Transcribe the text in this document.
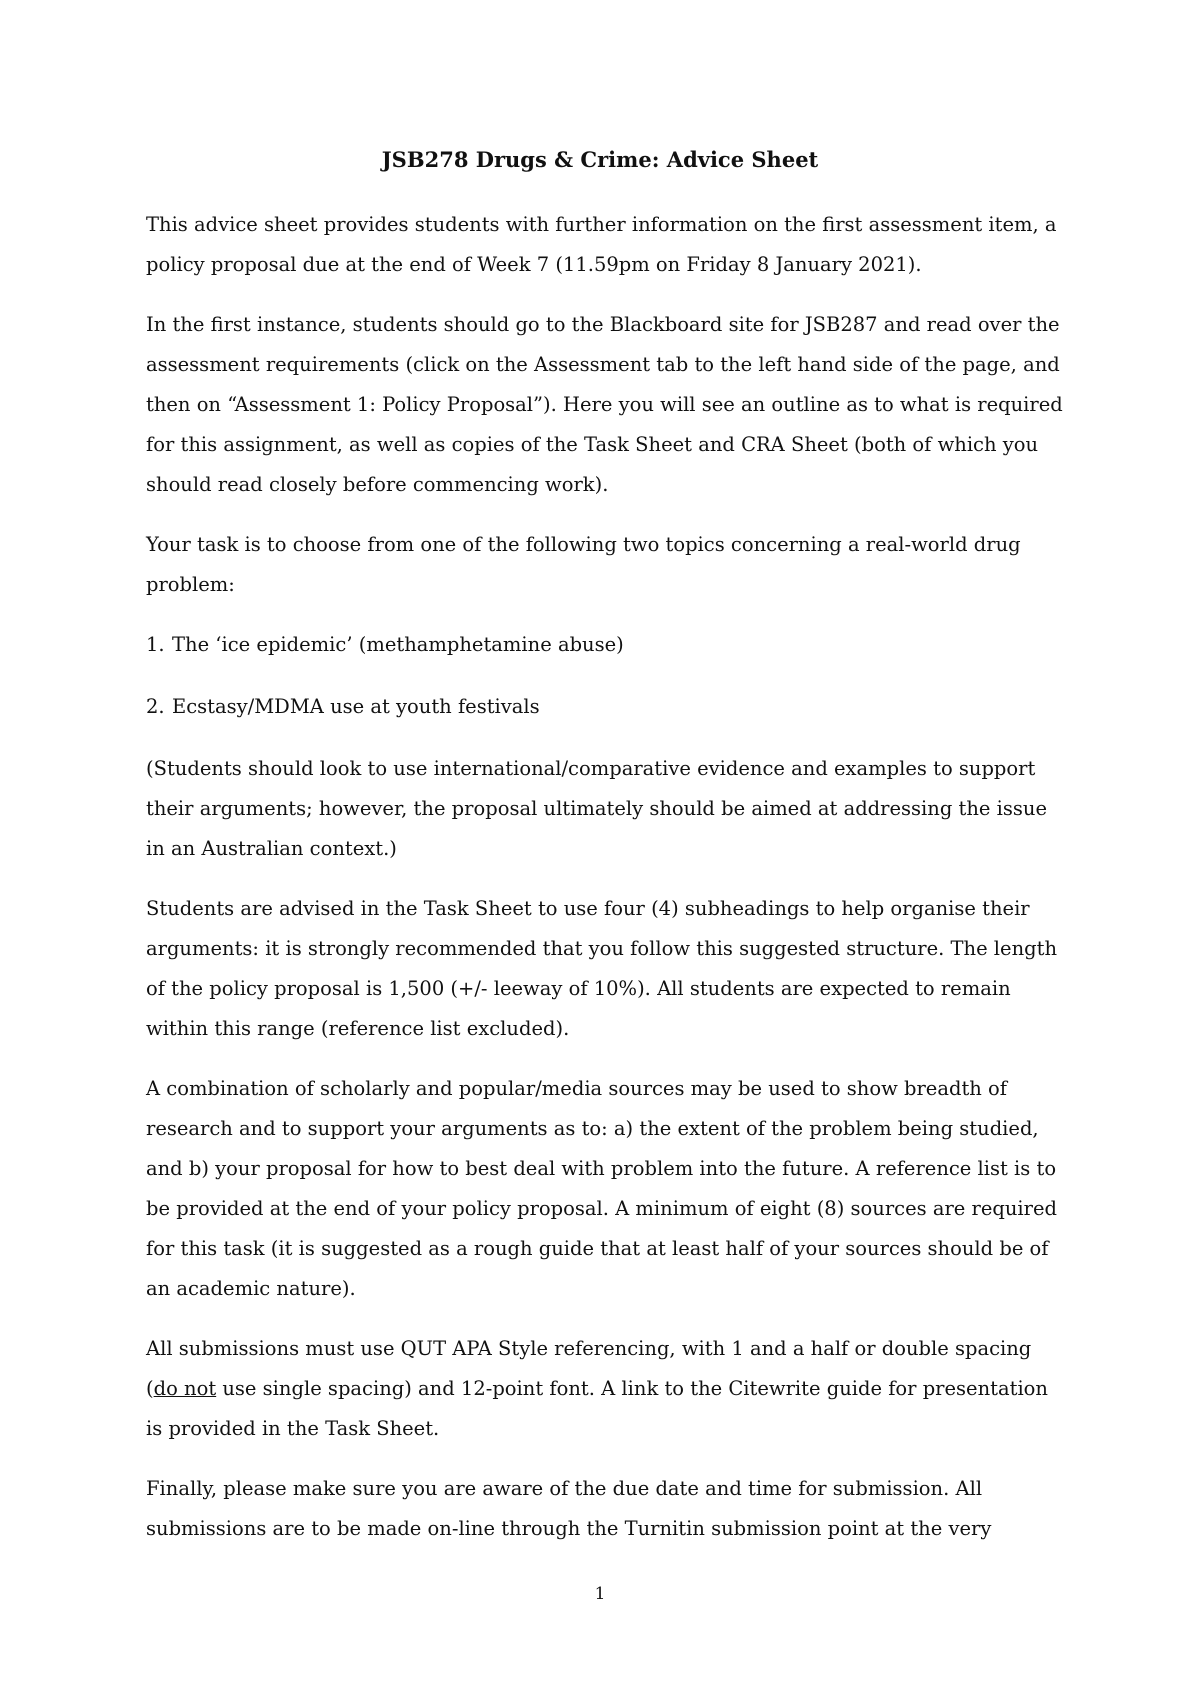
JSB278 Drugs & Crime: Advice Sheet

This advice sheet provides students with further information on the first assessment item, a policy proposal due at the end of Week 7 (11.59pm on Friday 8 January 2021).

In the first instance, students should go to the Blackboard site for JSB287 and read over the assessment requirements (click on the Assessment tab to the left hand side of the page, and then on “Assessment 1: Policy Proposal”). Here you will see an outline as to what is required for this assignment, as well as copies of the Task Sheet and CRA Sheet (both of which you should read closely before commencing work).

Your task is to choose from one of the following two topics concerning a real-world drug problem:

1. The ‘ice epidemic’ (methamphetamine abuse)

2. Ecstasy/MDMA use at youth festivals

(Students should look to use international/comparative evidence and examples to support their arguments; however, the proposal ultimately should be aimed at addressing the issue in an Australian context.)

Students are advised in the Task Sheet to use four (4) subheadings to help organise their arguments: it is strongly recommended that you follow this suggested structure. The length of the policy proposal is 1,500 (+/- leeway of 10%). All students are expected to remain within this range (reference list excluded).

A combination of scholarly and popular/media sources may be used to show breadth of research and to support your arguments as to: a) the extent of the problem being studied, and b) your proposal for how to best deal with problem into the future. A reference list is to be provided at the end of your policy proposal. A minimum of eight (8) sources are required for this task (it is suggested as a rough guide that at least half of your sources should be of an academic nature).

All submissions must use QUT APA Style referencing, with 1 and a half or double spacing (do not use single spacing) and 12-point font. A link to the Citewrite guide for presentation is provided in the Task Sheet.

Finally, please make sure you are aware of the due date and time for submission. All submissions are to be made on-line through the Turnitin submission point at the very

1
